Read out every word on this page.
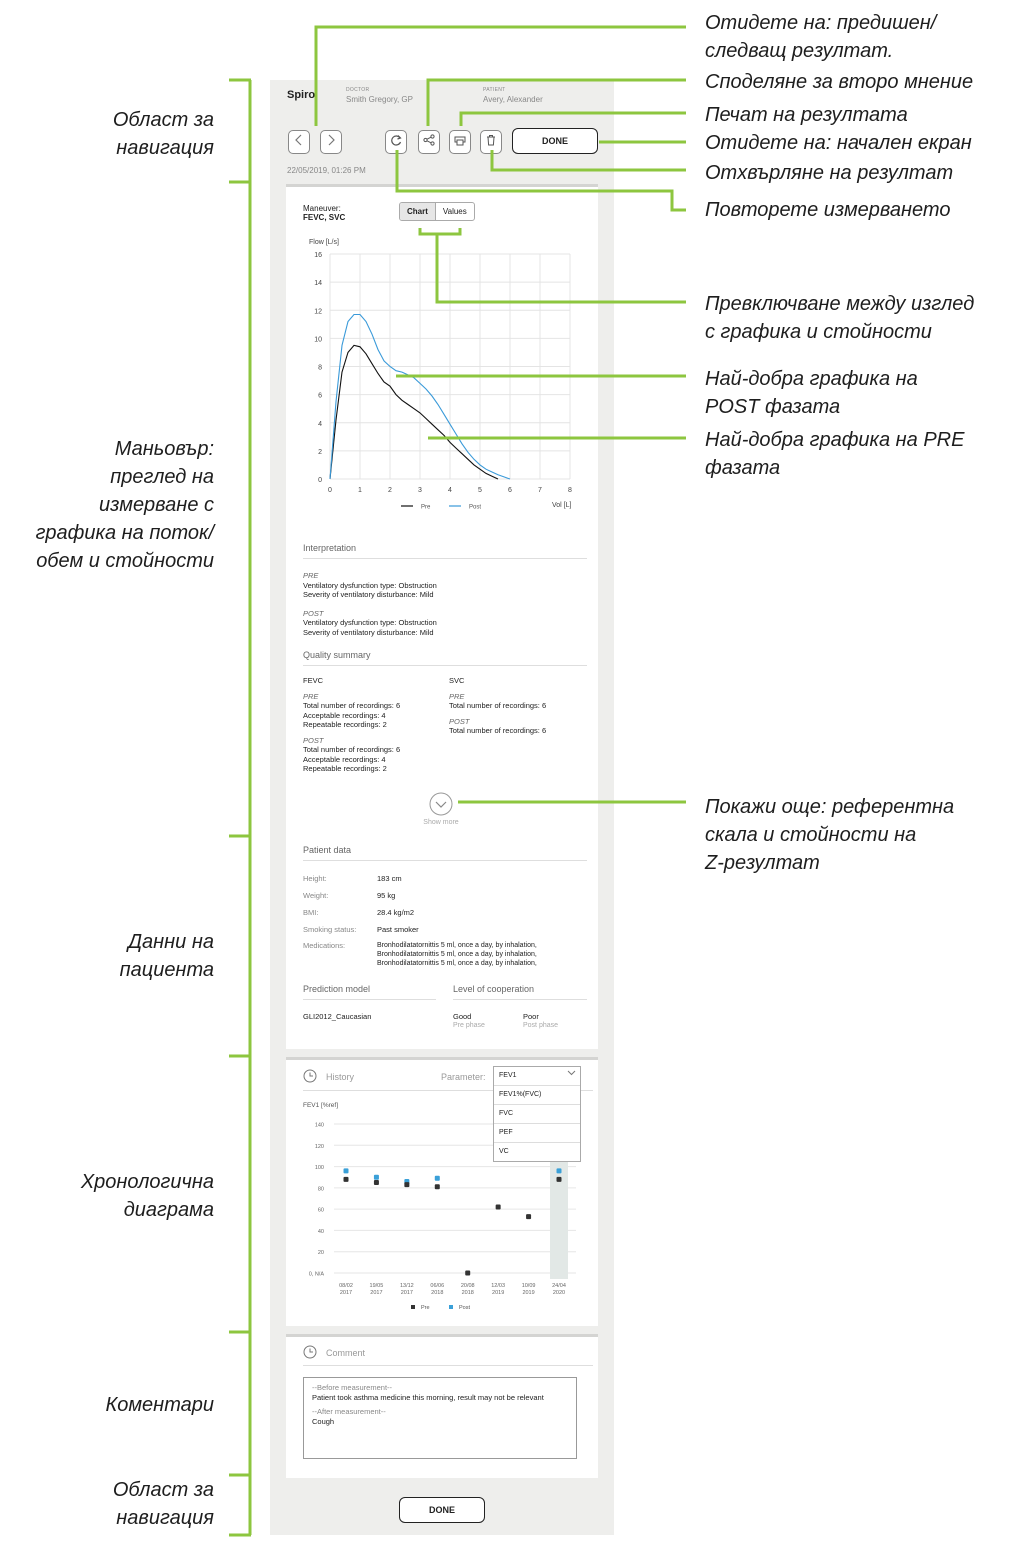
Spiro	DOCTOR
Smith Gregory, GP
PATIENT
Avery, Alexander
DONE
22/05/2019, 01:26 PM
Maneuver:
FEVC, SVC
Chart	Values
Flow [L/s]
0	1	2	3	4	5	6	7	8
0
2
4
6
8
10
12
14
16
Vol [L]
Pre	Post
Interpretation
PRE
Ventilatory dysfunction type: Obstruction
Severity of ventilatory disturbance: Mild
POST
Ventilatory dysfunction type: Obstruction
Severity of ventilatory disturbance: Mild
Quality summary
FEVC
PRE
Total number of recordings: 6
Acceptable recordings: 4
Repeatable recordings: 2
POST
Total number of recordings: 6
Acceptable recordings: 4
Repeatable recordings: 2
SVC
PRE
Total number of recordings: 6
POST
Total number of recordings: 6
Show more
Patient data
Height:	183 cm
Weight:	95 kg
BMI:	28.4 kg/m2
Smoking status:	Past smoker
Medications:	Bronhodilatatornittis 5 ml, once a day, by inhalation,
Bronhodilatatornittis 5 ml, once a day, by inhalation,
Bronhodilatatornittis 5 ml, once a day, by inhalation,
Prediction model
GLI2012_Caucasian
Level of cooperation
Good
Pre phase
Poor
Post phase
History	Parameter:
FEV1 [%ref]
140
120
100
80
60
40
20
0, N/A
08/02
2017
19/05
2017
13/12
2017
06/06
2018
20/08
2018
12/03
2019
10/09
2019
24/04
2020
Pre	Post
FEV1
FEV1%(FVC)
FVC
PEF
VC
Comment
--Before measurement--
Patient took asthma medicine this morning, result may not be relevant
--After measurement--
Cough
DONE
Област за
навигация
Маньовър:
преглед на
измерване с
графика на поток/
обем и стойности
Данни на
пациента
Хронологична
диаграма
Коментари
Област за
навигация
Отидете на: предишен/
следващ резултат.
Споделяне за второ мнение
Печат на резултата
Отидете на: начален екран
Отхвърляне на резултат
Повторете измерването
Превключване между изглед
с графика и стойности
Най-добра графика на
POST фазата
Най-добра графика на PRE
фазата
Покажи още: референтна
скала и стойности на
Z-резултат
